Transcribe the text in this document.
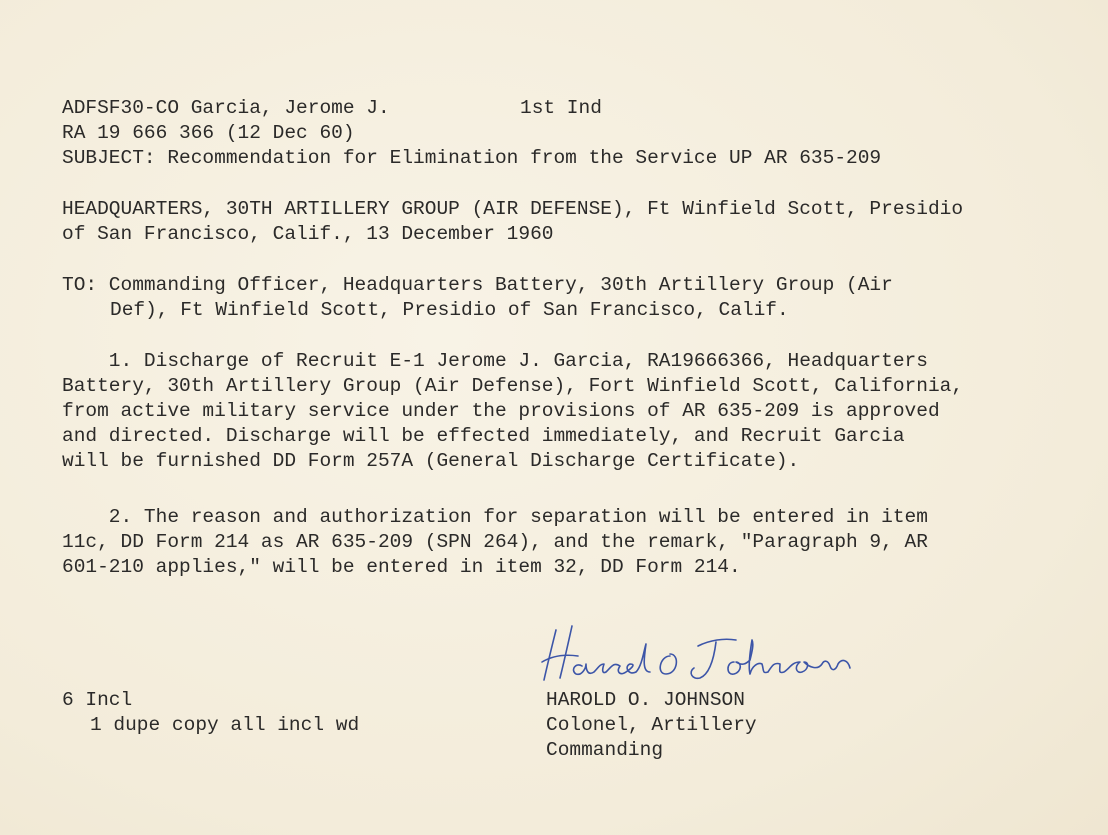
ADFSF30-CO Garcia, Jerome J.	1st Ind
RA 19 666 366 (12 Dec 60)
SUBJECT: Recommendation for Elimination from the Service UP AR 635-209
HEADQUARTERS, 30TH ARTILLERY GROUP (AIR DEFENSE), Ft Winfield Scott, Presidio
of San Francisco, Calif., 13 December 1960
TO: Commanding Officer, Headquarters Battery, 30th Artillery Group (Air
Def), Ft Winfield Scott, Presidio of San Francisco, Calif.
1. Discharge of Recruit E-1 Jerome J. Garcia, RA19666366, Headquarters
Battery, 30th Artillery Group (Air Defense), Fort Winfield Scott, California,
from active military service under the provisions of AR 635-209 is approved
and directed. Discharge will be effected immediately, and Recruit Garcia
will be furnished DD Form 257A (General Discharge Certificate).
2. The reason and authorization for separation will be entered in item
11c, DD Form 214 as AR 635-209 (SPN 264), and the remark, "Paragraph 9, AR
601-210 applies," will be entered in item 32, DD Form 214.
6 Incl
1 dupe copy all incl wd
HAROLD O. JOHNSON
Colonel, Artillery
Commanding
